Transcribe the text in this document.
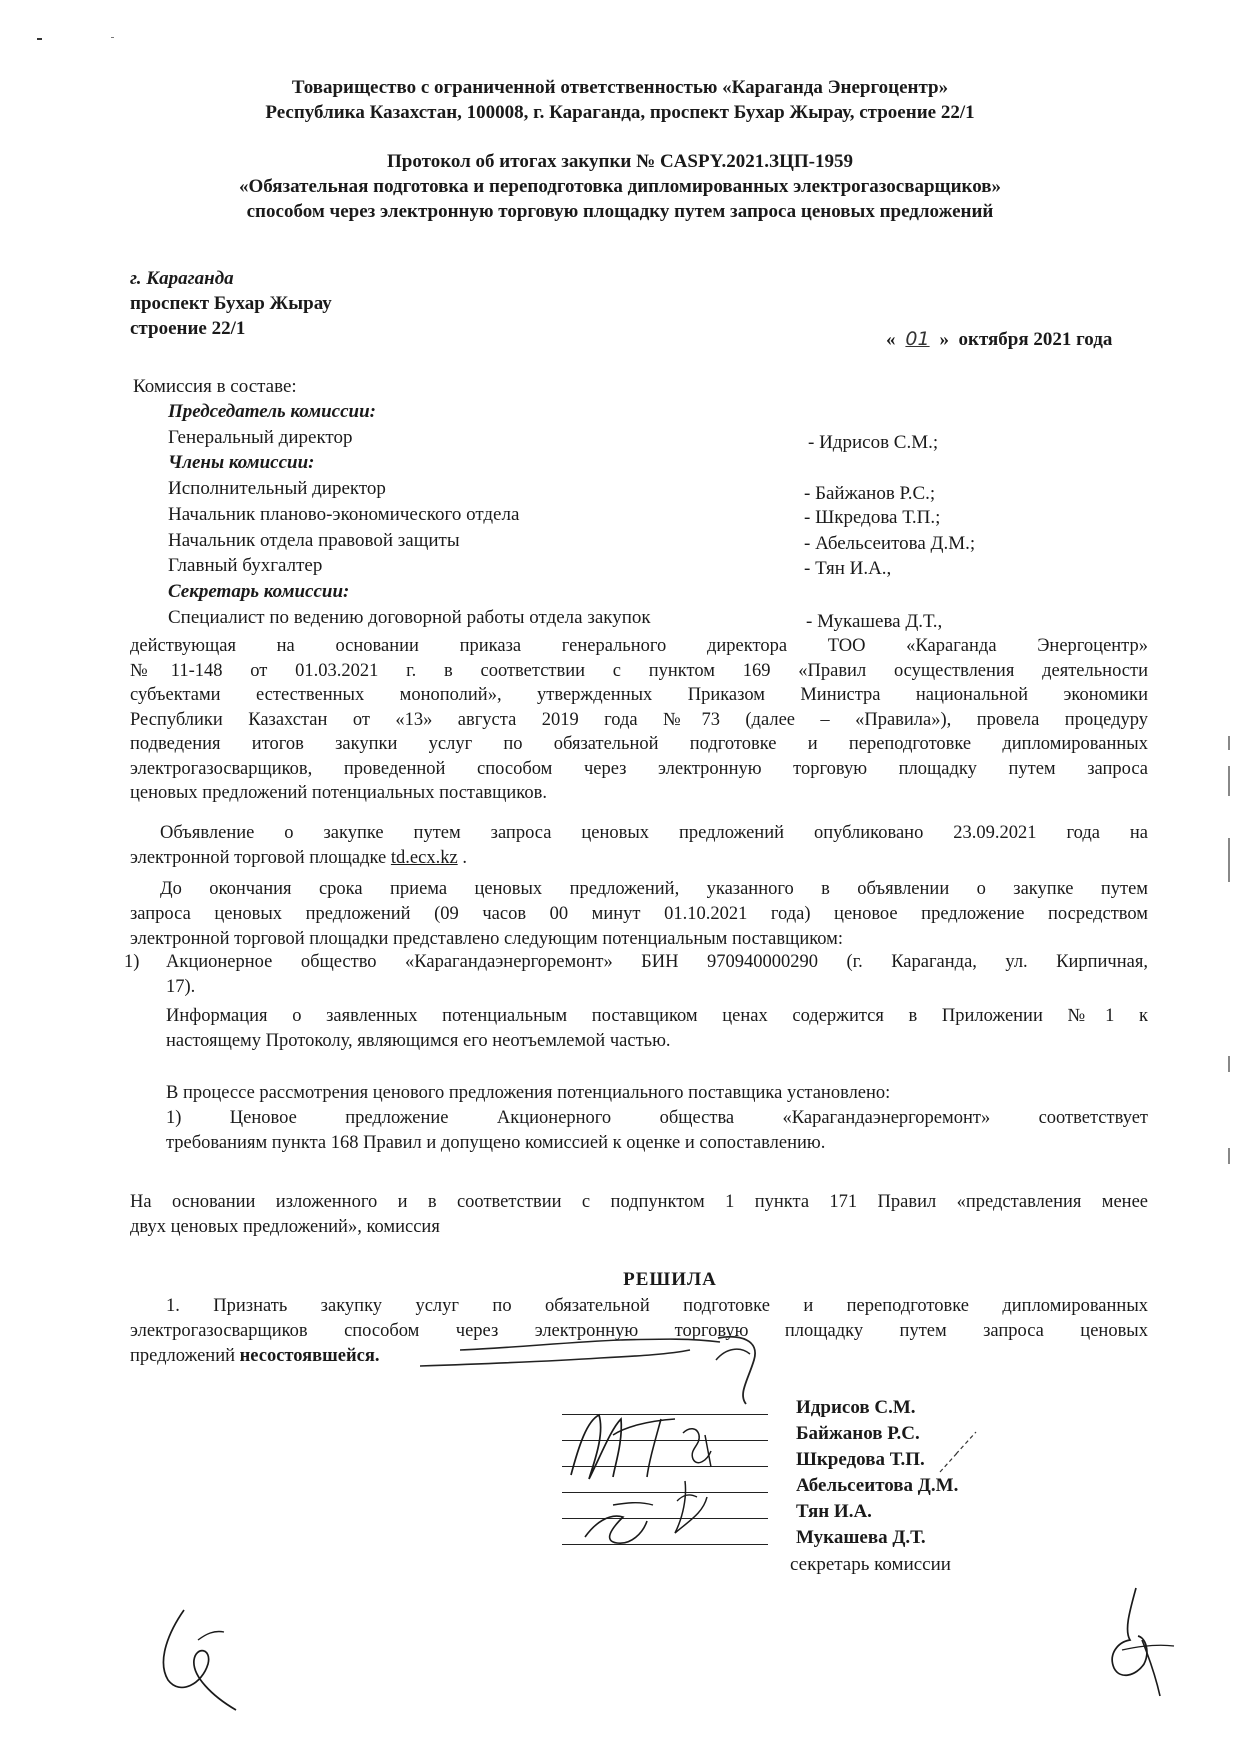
Товарищество с ограниченной ответственностью «Караганда Энергоцентр»
Республика Казахстан, 100008, г. Караганда, проспект Бухар Жырау, строение 22/1
Протокол об итогах закупки № CASPY.2021.ЗЦП-1959
«Обязательная подготовка и переподготовка дипломированных электрогазосварщиков»
способом через электронную торговую площадку путем запроса ценовых предложений
г. Караганда
проспект Бухар Жырау
строение 22/1
« 01 » октября 2021 года
Комиссия в составе:
Председатель комиссии:
Генеральный директор	- Идрисов С.М.;
Члены комиссии:
Исполнительный директор	- Байжанов Р.С.;
Начальник планово-экономического отдела	- Шкредова Т.П.;
Начальник отдела правовой защиты	- Абельсеитова Д.М.;
Главный бухгалтер	- Тян И.А.,
Секретарь комиссии:
Специалист по ведению договорной работы отдела закупок	- Мукашева Д.Т.,
действующая на основании приказа генерального директора ТОО «Караганда Энергоцентр»
№11-148 от 01.03.2021 г. в соответствии с пунктом 169 «Правил осуществления деятельности
субъектами естественных монополий», утвержденных Приказом Министра национальной экономики
Республики Казахстан от «13» августа 2019 года №73 (далее – «Правила»), провела процедуру
подведения итогов закупки услуг по обязательной подготовке и переподготовке дипломированных
электрогазосварщиков, проведенной способом через электронную торговую площадку путем запроса
ценовых предложений потенциальных поставщиков.
Объявление о закупке путем запроса ценовых предложений опубликовано 23.09.2021 года на
электронной торговой площадке td.ecx.kz .
До окончания срока приема ценовых предложений, указанного в объявлении о закупке путем
запроса ценовых предложений (09 часов 00 минут 01.10.2021 года) ценовое предложение посредством
электронной торговой площадки представлено следующим потенциальным поставщиком:
1) Акционерное общество «Карагандаэнергоремонт» БИН 970940000290 (г. Караганда, ул. Кирпичная,
17).
Информация о заявленных потенциальным поставщиком ценах содержится в Приложении №1 к
настоящему Протоколу, являющимся его неотъемлемой частью.
В процессе рассмотрения ценового предложения потенциального поставщика установлено:
1) Ценовое предложение Акционерного общества «Карагандаэнергоремонт» соответствует
требованиям пункта 168 Правил и допущено комиссией к оценке и сопоставлению.
На основании изложенного и в соответствии с подпунктом 1 пункта 171 Правил «представления менее
двух ценовых предложений», комиссия
РЕШИЛА
1. Признать закупку услуг по обязательной подготовке и переподготовке дипломированных
электрогазосварщиков способом через электронную торговую площадку путем запроса ценовых
предложений несостоявшейся.
Идрисов С.М.
Байжанов Р.С.
Шкредова Т.П.
Абельсеитова Д.М.
Тян И.А.
Мукашева Д.Т.
секретарь комиссии
